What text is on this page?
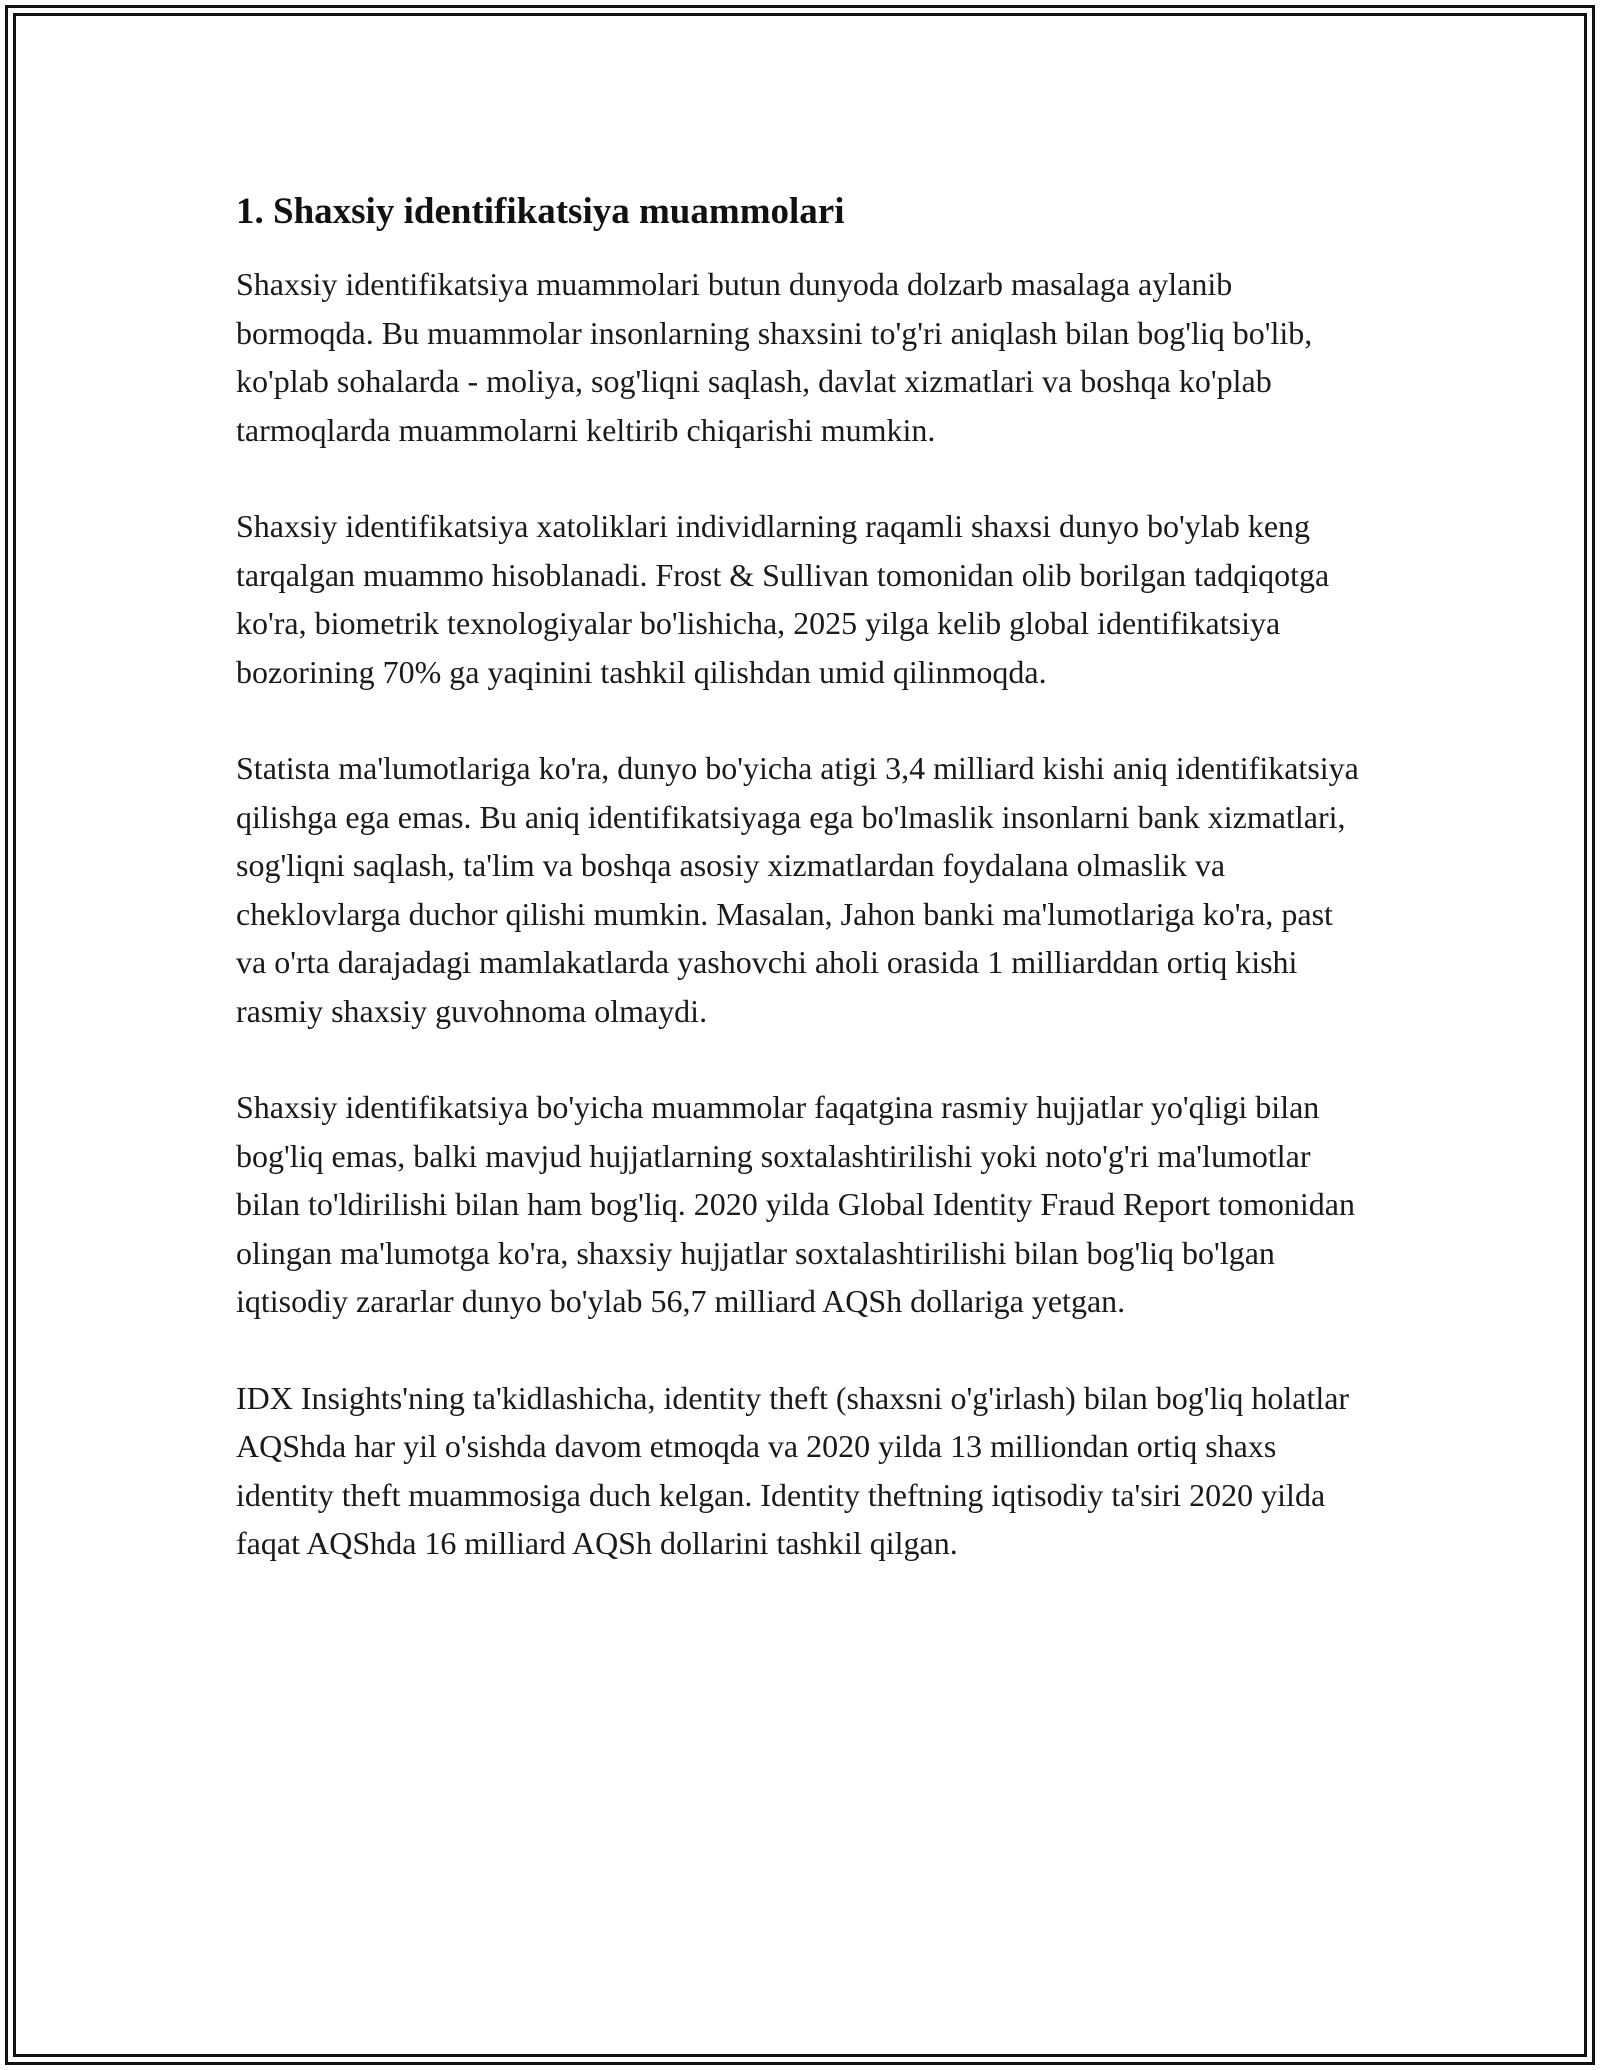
1. Shaxsiy identifikatsiya muammolari

Shaxsiy identifikatsiya muammolari butun dunyoda dolzarb masalaga aylanib bormoqda. Bu muammolar insonlarning shaxsini to'g'ri aniqlash bilan bog'liq bo'lib, ko'plab sohalarda - moliya, sog'liqni saqlash, davlat xizmatlari va boshqa ko'plab tarmoqlarda muammolarni keltirib chiqarishi mumkin.

Shaxsiy identifikatsiya xatoliklari individlarning raqamli shaxsi dunyo bo'ylab keng tarqalgan muammo hisoblanadi. Frost & Sullivan tomonidan olib borilgan tadqiqotga ko'ra, biometrik texnologiyalar bo'lishicha, 2025 yilga kelib global identifikatsiya bozorining 70% ga yaqinini tashkil qilishdan umid qilinmoqda.

Statista ma'lumotlariga ko'ra, dunyo bo'yicha atigi 3,4 milliard kishi aniq identifikatsiya qilishga ega emas. Bu aniq identifikatsiyaga ega bo'lmaslik insonlarni bank xizmatlari, sog'liqni saqlash, ta'lim va boshqa asosiy xizmatlardan foydalana olmaslik va cheklovlarga duchor qilishi mumkin. Masalan, Jahon banki ma'lumotlariga ko'ra, past va o'rta darajadagi mamlakatlarda yashovchi aholi orasida 1 milliarddan ortiq kishi rasmiy shaxsiy guvohnoma olmaydi.

Shaxsiy identifikatsiya bo'yicha muammolar faqatgina rasmiy hujjatlar yo'qligi bilan bog'liq emas, balki mavjud hujjatlarning soxtalashtirilishi yoki noto'g'ri ma'lumotlar bilan to'ldirilishi bilan ham bog'liq. 2020 yilda Global Identity Fraud Report tomonidan olingan ma'lumotga ko'ra, shaxsiy hujjatlar soxtalashtirilishi bilan bog'liq bo'lgan iqtisodiy zararlar dunyo bo'ylab 56,7 milliard AQSh dollariga yetgan.

IDX Insights'ning ta'kidlashicha, identity theft (shaxsni o'g'irlash) bilan bog'liq holatlar AQShda har yil o'sishda davom etmoqda va 2020 yilda 13 milliondan ortiq shaxs identity theft muammosiga duch kelgan. Identity theftning iqtisodiy ta'siri 2020 yilda faqat AQShda 16 milliard AQSh dollarini tashkil qilgan.
